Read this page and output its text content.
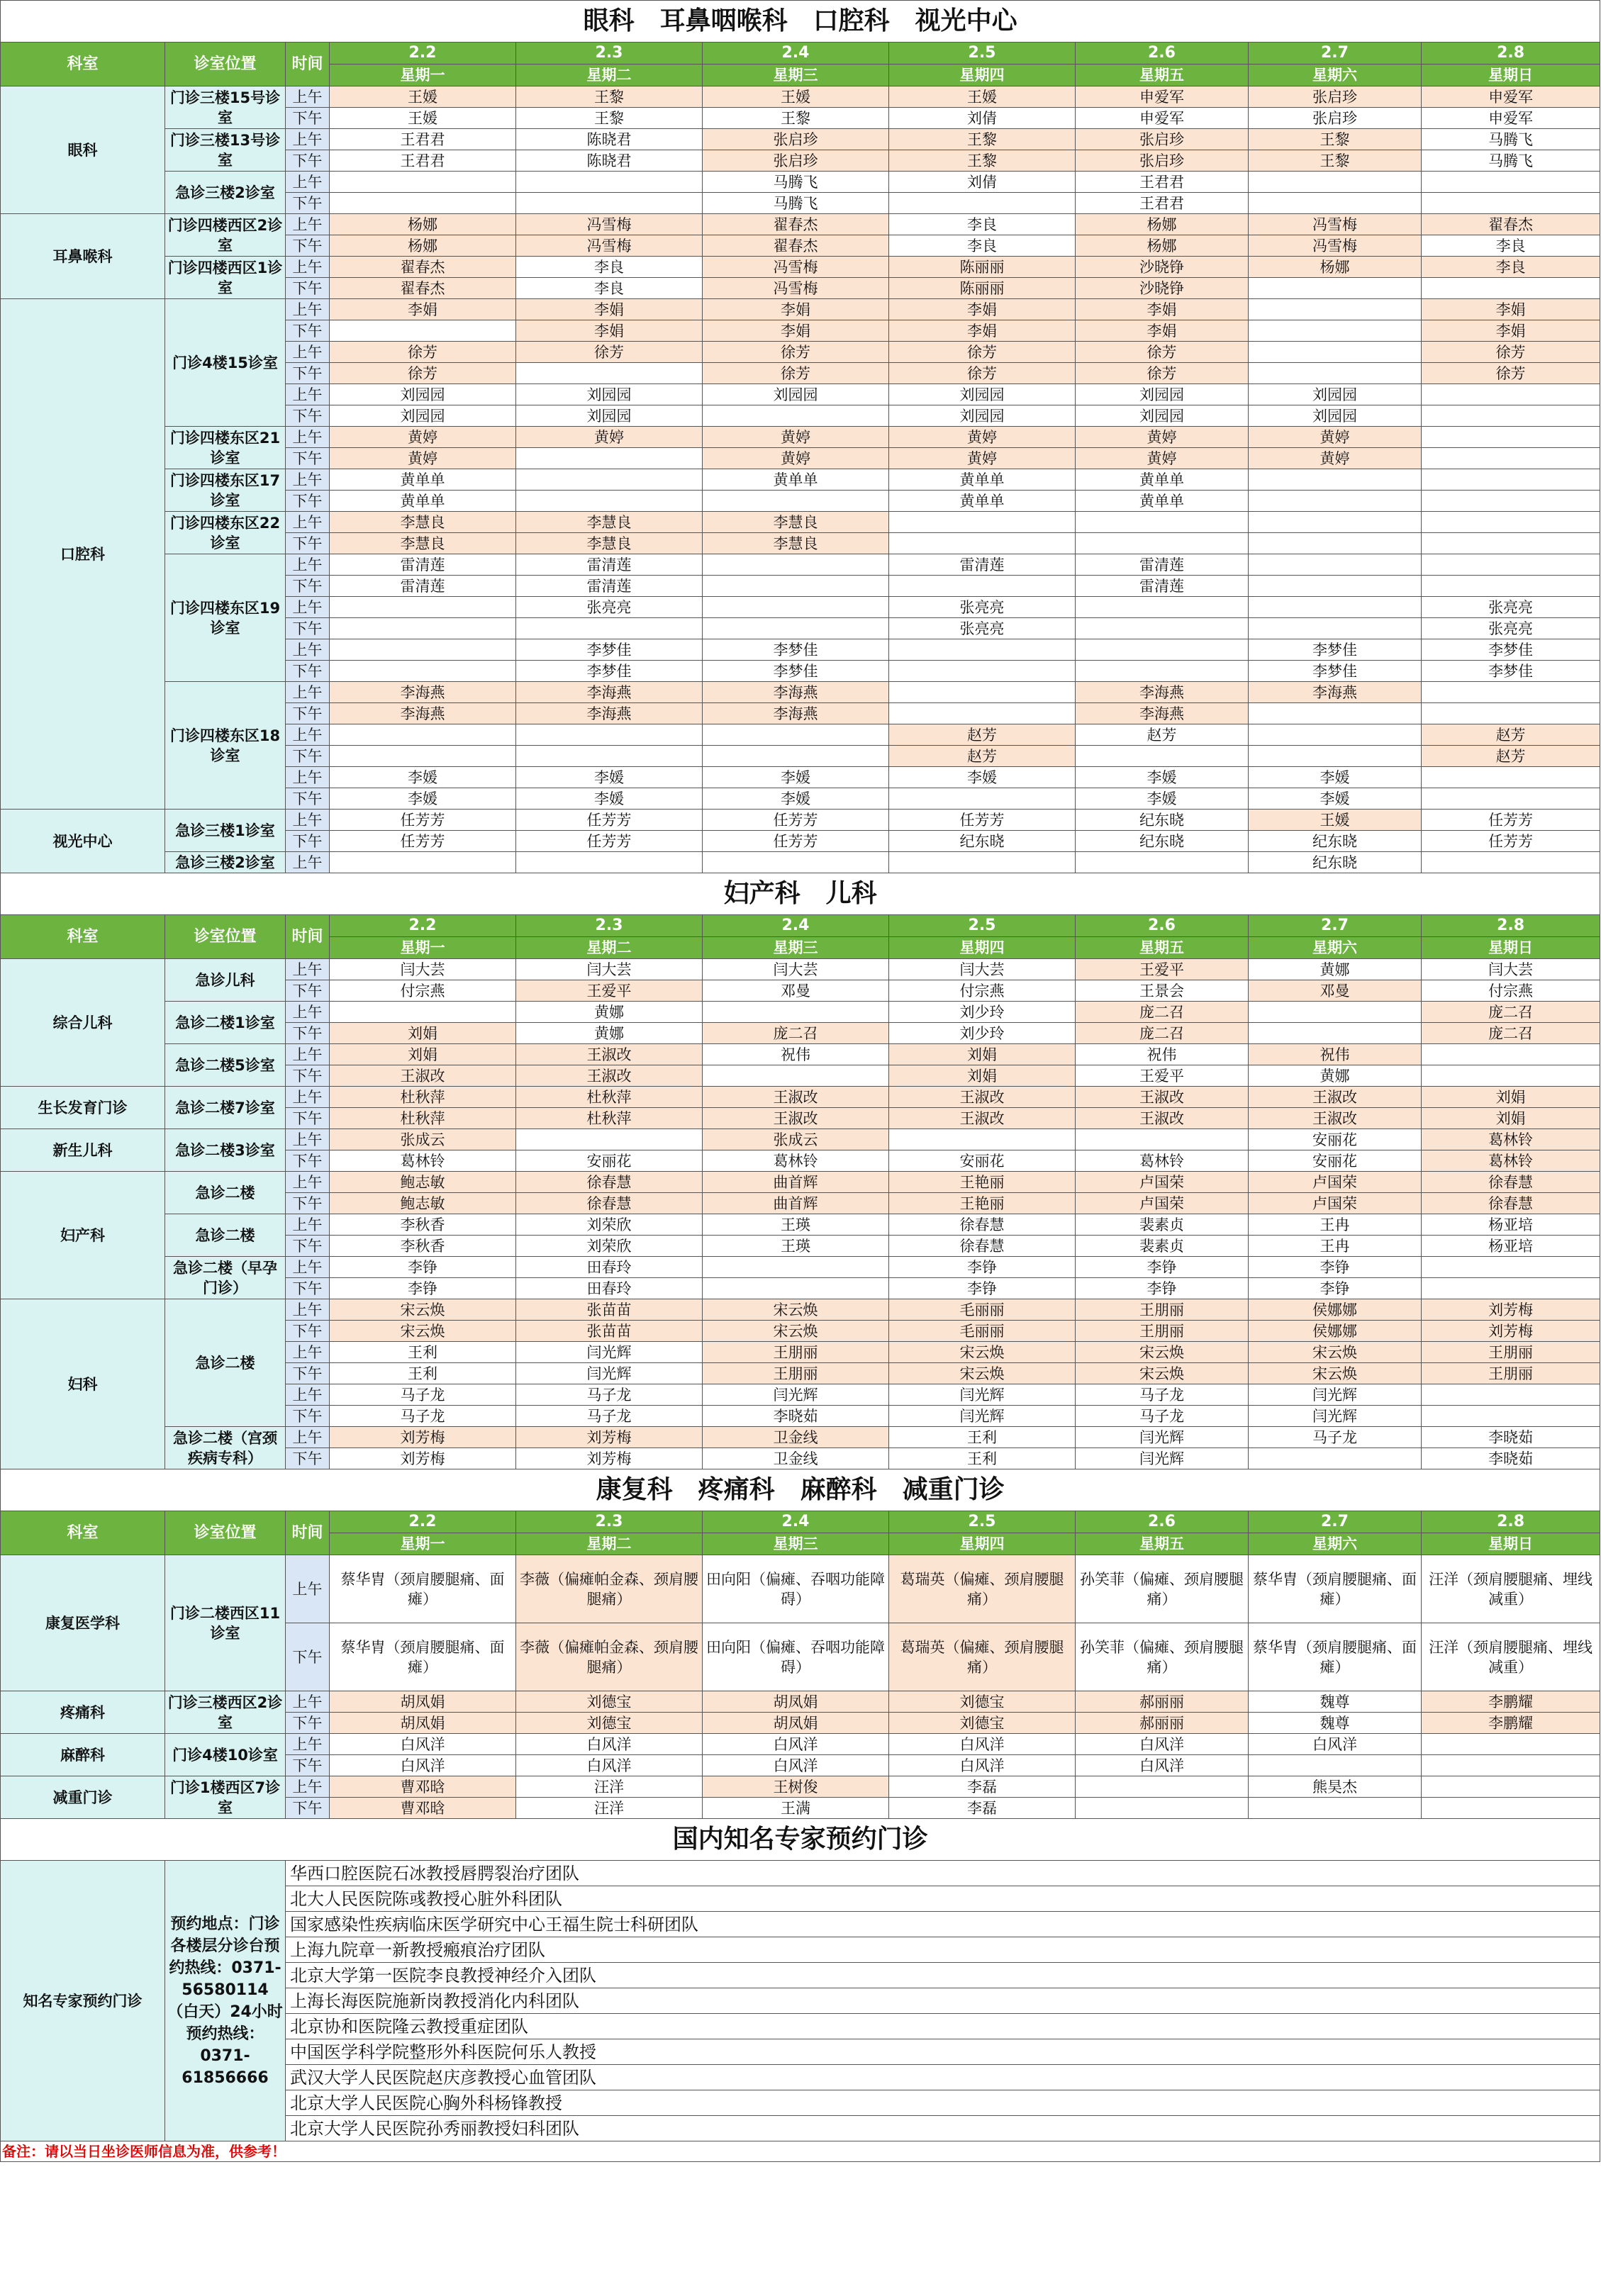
眼科　耳鼻咽喉科　口腔科　视光中心									
科室	诊室位置	时间	2.2	2.3	2.4	2.5	2.6	2.7	2.8
			星期一	星期二	星期三	星期四	星期五	星期六	星期日
眼科	门诊三楼15号诊室	上午	王媛	王黎	王媛	王媛	申爱军	张启珍	申爱军
		下午	王媛	王黎	王黎	刘倩	申爱军	张启珍	申爱军
	门诊三楼13号诊室	上午	王君君	陈晓君	张启珍	王黎	张启珍	王黎	马腾飞
		下午	王君君	陈晓君	张启珍	王黎	张启珍	王黎	马腾飞
	急诊三楼2诊室	上午			马腾飞	刘倩	王君君		
		下午			马腾飞		王君君		
耳鼻喉科	门诊四楼西区2诊室	上午	杨娜	冯雪梅	翟春杰	李良	杨娜	冯雪梅	翟春杰
		下午	杨娜	冯雪梅	翟春杰	李良	杨娜	冯雪梅	李良
	门诊四楼西区1诊室	上午	翟春杰	李良	冯雪梅	陈丽丽	沙晓铮	杨娜	李良
		下午	翟春杰	李良	冯雪梅	陈丽丽	沙晓铮		
口腔科	门诊4楼15诊室	上午	李娟	李娟	李娟	李娟	李娟		李娟
		下午		李娟	李娟	李娟	李娟		李娟
		上午	徐芳	徐芳	徐芳	徐芳	徐芳		徐芳
		下午	徐芳		徐芳	徐芳	徐芳		徐芳
		上午	刘园园	刘园园	刘园园	刘园园	刘园园	刘园园	
		下午	刘园园	刘园园		刘园园	刘园园	刘园园	
	门诊四楼东区21诊室	上午	黄婷	黄婷	黄婷	黄婷	黄婷	黄婷	
		下午	黄婷		黄婷	黄婷	黄婷	黄婷	
	门诊四楼东区17诊室	上午	黄单单		黄单单	黄单单	黄单单		
		下午	黄单单			黄单单	黄单单		
	门诊四楼东区22诊室	上午	李慧良	李慧良	李慧良				
		下午	李慧良	李慧良	李慧良				
	门诊四楼东区19诊室	上午	雷清莲	雷清莲		雷清莲	雷清莲		
		下午	雷清莲	雷清莲			雷清莲		
		上午		张亮亮		张亮亮			张亮亮
		下午				张亮亮			张亮亮
		上午		李梦佳	李梦佳			李梦佳	李梦佳
		下午		李梦佳	李梦佳			李梦佳	李梦佳
	门诊四楼东区18诊室	上午	李海燕	李海燕	李海燕		李海燕	李海燕	
		下午	李海燕	李海燕	李海燕		李海燕		
		上午				赵芳	赵芳		赵芳
		下午				赵芳			赵芳
		上午	李媛	李媛	李媛	李媛	李媛	李媛	
		下午	李媛	李媛	李媛		李媛	李媛	
视光中心	急诊三楼1诊室	上午	任芳芳	任芳芳	任芳芳	任芳芳	纪东晓	王媛	任芳芳
		下午	任芳芳	任芳芳	任芳芳	纪东晓	纪东晓	纪东晓	任芳芳
	急诊三楼2诊室	上午						纪东晓	
妇产科　儿科									
科室	诊室位置	时间	2.2	2.3	2.4	2.5	2.6	2.7	2.8
			星期一	星期二	星期三	星期四	星期五	星期六	星期日
综合儿科	急诊儿科	上午	闫大芸	闫大芸	闫大芸	闫大芸	王爱平	黄娜	闫大芸
		下午	付宗燕	王爱平	邓曼	付宗燕	王景会	邓曼	付宗燕
	急诊二楼1诊室	上午		黄娜		刘少玲	庞二召		庞二召
		下午	刘娟	黄娜	庞二召	刘少玲	庞二召		庞二召
	急诊二楼5诊室	上午	刘娟	王淑改	祝伟	刘娟	祝伟	祝伟	
		下午	王淑改	王淑改		刘娟	王爱平	黄娜	
生长发育门诊	急诊二楼7诊室	上午	杜秋萍	杜秋萍	王淑改	王淑改	王淑改	王淑改	刘娟
		下午	杜秋萍	杜秋萍	王淑改	王淑改	王淑改	王淑改	刘娟
新生儿科	急诊二楼3诊室	上午	张成云		张成云			安丽花	葛林铃
		下午	葛林铃	安丽花	葛林铃	安丽花	葛林铃	安丽花	葛林铃
妇产科	急诊二楼	上午	鲍志敏	徐春慧	曲首辉	王艳丽	卢国荣	卢国荣	徐春慧
		下午	鲍志敏	徐春慧	曲首辉	王艳丽	卢国荣	卢国荣	徐春慧
	急诊二楼	上午	李秋香	刘荣欣	王瑛	徐春慧	裴素贞	王冉	杨亚培
		下午	李秋香	刘荣欣	王瑛	徐春慧	裴素贞	王冉	杨亚培
	急诊二楼（早孕门诊）	上午	李铮	田春玲		李铮	李铮	李铮	
		下午	李铮	田春玲		李铮	李铮	李铮	
妇科	急诊二楼	上午	宋云焕	张苗苗	宋云焕	毛丽丽	王朋丽	侯娜娜	刘芳梅
		下午	宋云焕	张苗苗	宋云焕	毛丽丽	王朋丽	侯娜娜	刘芳梅
		上午	王利	闫光辉	王朋丽	宋云焕	宋云焕	宋云焕	王朋丽
		下午	王利	闫光辉	王朋丽	宋云焕	宋云焕	宋云焕	王朋丽
		上午	马子龙	马子龙	闫光辉	闫光辉	马子龙	闫光辉	
		下午	马子龙	马子龙	李晓茹	闫光辉	马子龙	闫光辉	
	急诊二楼（宫颈疾病专科）	上午	刘芳梅	刘芳梅	卫金线	王利	闫光辉	马子龙	李晓茹
		下午	刘芳梅	刘芳梅	卫金线	王利	闫光辉		李晓茹
康复科　疼痛科　麻醉科　减重门诊									
科室	诊室位置	时间	2.2	2.3	2.4	2.5	2.6	2.7	2.8
			星期一	星期二	星期三	星期四	星期五	星期六	星期日
康复医学科	门诊二楼西区11诊室	上午	蔡华胄（颈肩腰腿痛、面瘫）	李薇（偏瘫帕金森、颈肩腰腿痛）	田向阳（偏瘫、吞咽功能障碍）	葛瑞英（偏瘫、颈肩腰腿痛）	孙笑菲（偏瘫、颈肩腰腿痛）	蔡华胄（颈肩腰腿痛、面瘫）	汪洋（颈肩腰腿痛、埋线减重）
		下午	蔡华胄（颈肩腰腿痛、面瘫）	李薇（偏瘫帕金森、颈肩腰腿痛）	田向阳（偏瘫、吞咽功能障碍）	葛瑞英（偏瘫、颈肩腰腿痛）	孙笑菲（偏瘫、颈肩腰腿痛）	蔡华胄（颈肩腰腿痛、面瘫）	汪洋（颈肩腰腿痛、埋线减重）
疼痛科	门诊三楼西区2诊室	上午	胡凤娟	刘德宝	胡凤娟	刘德宝	郝丽丽	魏尊	李鹏耀
		下午	胡凤娟	刘德宝	胡凤娟	刘德宝	郝丽丽	魏尊	李鹏耀
麻醉科	门诊4楼10诊室	上午	白风洋	白风洋	白风洋	白风洋	白风洋	白风洋	
		下午	白风洋	白风洋	白风洋	白风洋	白风洋		
减重门诊	门诊1楼西区7诊室	上午	曹邓晗	汪洋	王树俊	李磊		熊昊杰	
		下午	曹邓晗	汪洋	王满	李磊			
国内知名专家预约门诊									
知名专家预约门诊	预约地点：门诊各楼层分诊台预约热线：0371-56580114（白天）24小时预约热线：0371-61856666	华西口腔医院石冰教授唇腭裂治疗团队							
		北大人民医院陈彧教授心脏外科团队							
		国家感染性疾病临床医学研究中心王福生院士科研团队							
		上海九院章一新教授瘢痕治疗团队							
		北京大学第一医院李良教授神经介入团队							
		上海长海医院施新岗教授消化内科团队							
		北京协和医院隆云教授重症团队							
		中国医学科学院整形外科医院何乐人教授							
		武汉大学人民医院赵庆彦教授心血管团队							
		北京大学人民医院心胸外科杨锋教授							
		北京大学人民医院孙秀丽教授妇科团队							
备注：请以当日坐诊医师信息为准，供参考！									
